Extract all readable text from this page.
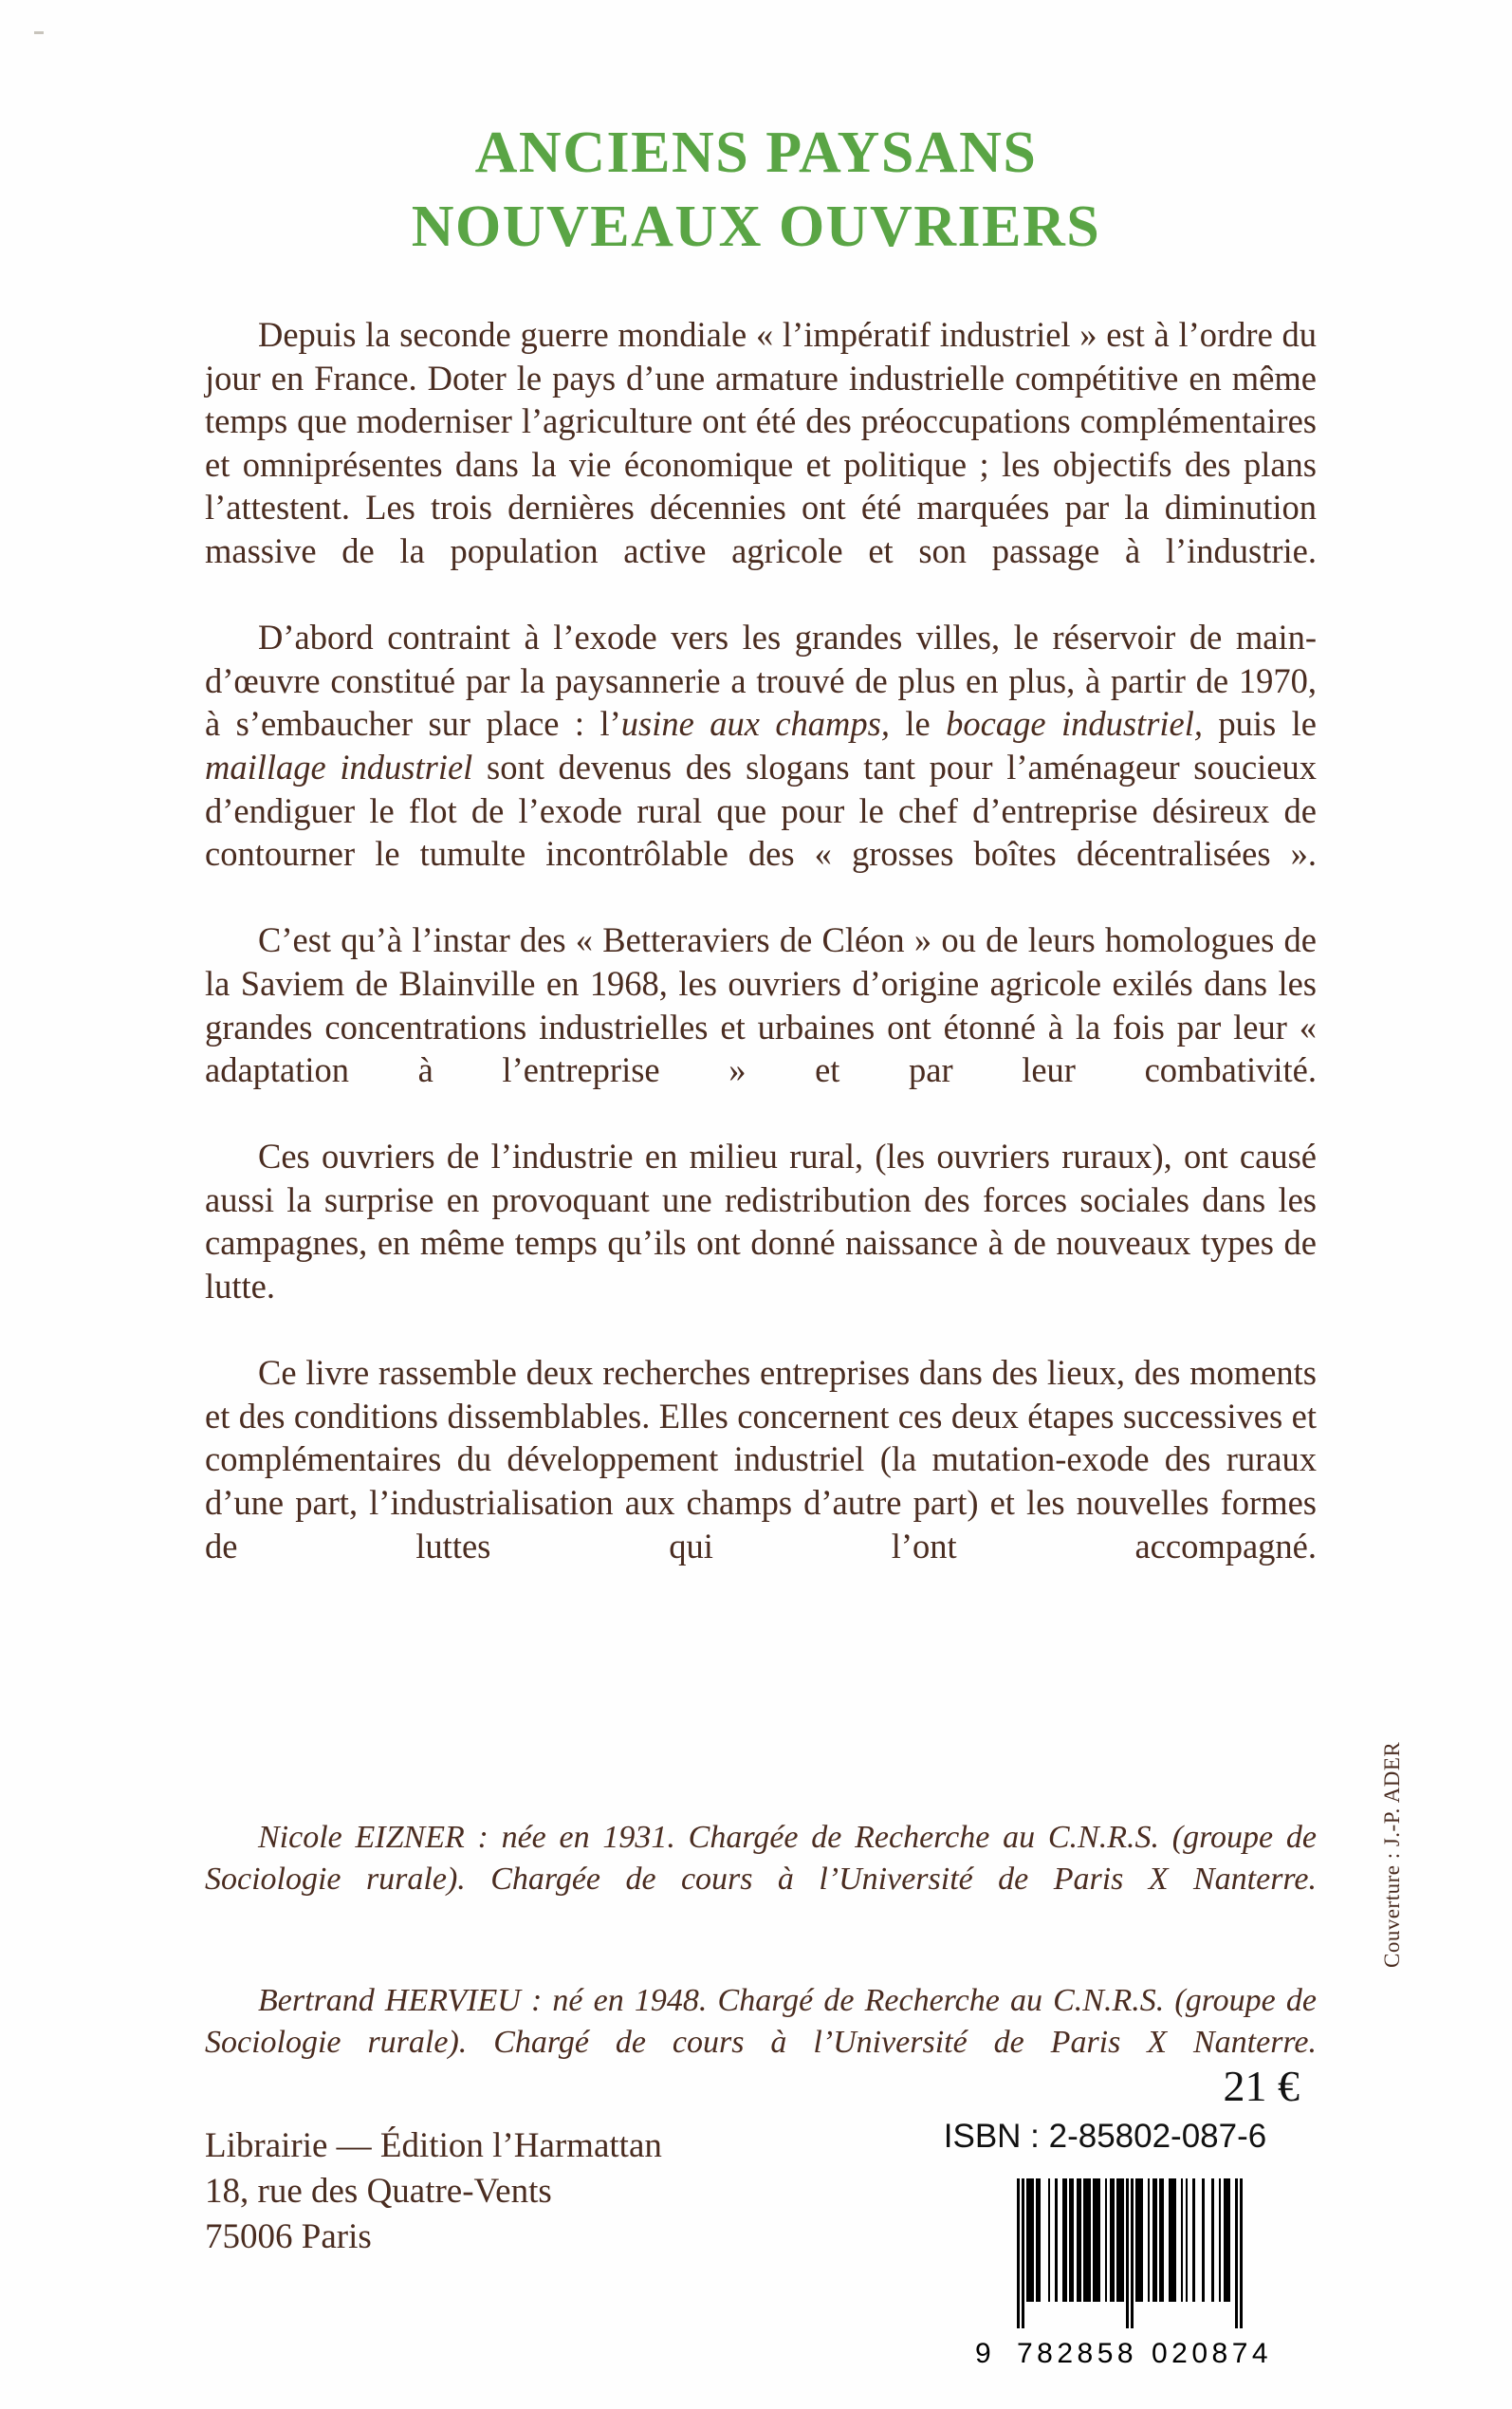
ANCIENS PAYSANS
NOUVEAUX OUVRIERS

Depuis la seconde guerre mondiale « l’impératif industriel » est à l’ordre du jour en France. Doter le pays d’une armature industrielle compétitive en même temps que moderniser l’agriculture ont été des préoccupations complémentaires et omniprésentes dans la vie économique et politique ; les objectifs des plans l’attestent. Les trois dernières décennies ont été marquées par la diminution massive de la population active agricole et son passage à l’industrie.

D’abord contraint à l’exode vers les grandes villes, le réservoir de main-d’œuvre constitué par la paysannerie a trouvé de plus en plus, à partir de 1970, à s’embaucher sur place : l’usine aux champs, le bocage industriel, puis le maillage industriel sont devenus des slogans tant pour l’aménageur soucieux d’endiguer le flot de l’exode rural que pour le chef d’entreprise désireux de contourner le tumulte incontrôlable des « grosses boîtes décentralisées ».

C’est qu’à l’instar des « Betteraviers de Cléon » ou de leurs homologues de la Saviem de Blainville en 1968, les ouvriers d’origine agricole exilés dans les grandes concentrations industrielles et urbaines ont étonné à la fois par leur « adaptation à l’entreprise » et par leur combativité.

Ces ouvriers de l’industrie en milieu rural, (les ouvriers ruraux), ont causé aussi la surprise en provoquant une redistribution des forces sociales dans les campagnes, en même temps qu’ils ont donné naissance à de nouveaux types de lutte.

Ce livre rassemble deux recherches entreprises dans des lieux, des moments et des conditions dissemblables. Elles concernent ces deux étapes successives et complémentaires du développement industriel (la mutation-exode des ruraux d’une part, l’industrialisation aux champs d’autre part) et les nouvelles formes de luttes qui l’ont accompagné.

Nicole EIZNER : née en 1931. Chargée de Recherche au C.N.R.S. (groupe de Sociologie rurale). Chargée de cours à l’Université de Paris X Nanterre.

Bertrand HERVIEU : né en 1948. Chargé de Recherche au C.N.R.S. (groupe de Sociologie rurale). Chargé de cours à l’Université de Paris X Nanterre.

Librairie — Édition l’Harmattan
18, rue des Quatre-Vents
75006 Paris
21 €
ISBN : 2-85802-087-6
9 782858 020874
Couverture : J.-P. ADER
